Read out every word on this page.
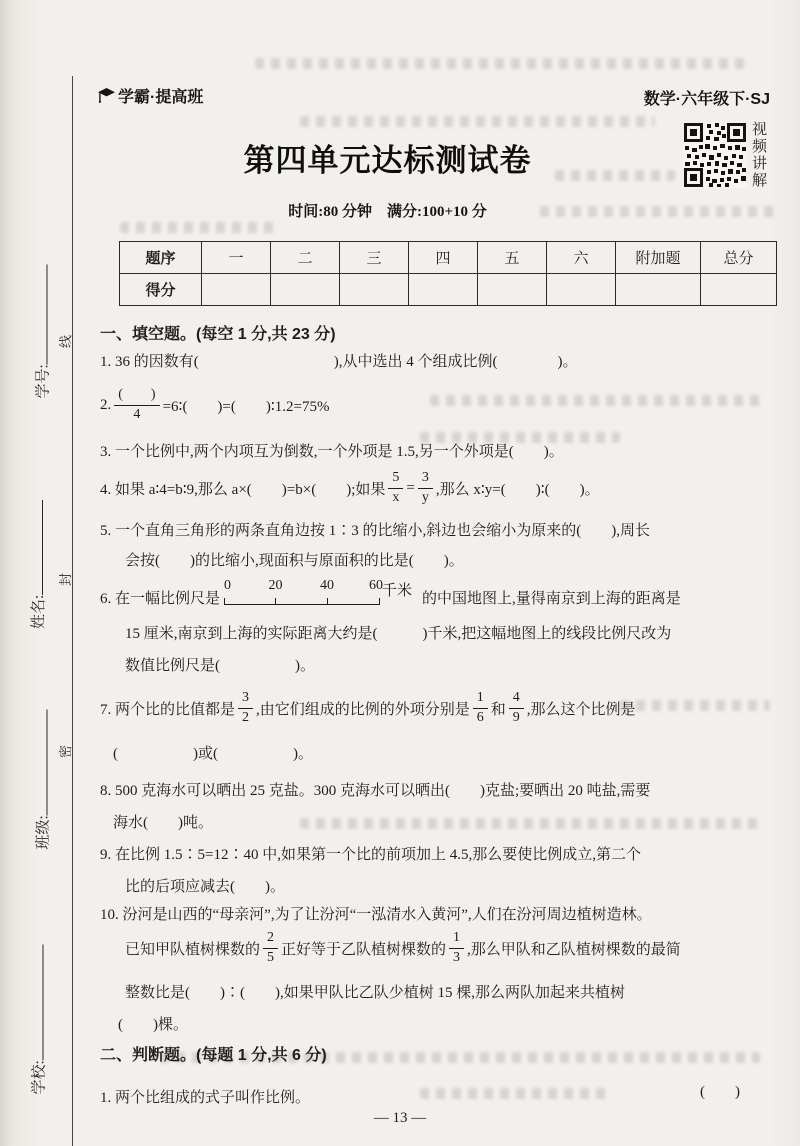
学号:
姓名:
班级:
学校:
线
封
密
学霸·提高班	数学·六年级下·SJ
视
频
讲
解
第四单元达标测试卷
时间:80 分钟　满分:100+10 分
题序	一	二	三	四	五	六	附加题	总分
得分								
一、填空题。(每空 1 分,共 23 分)
1. 36 的因数有(　　　　　　　　　),从中选出 4 个组成比例(　　　　)。
2. $\frac{( )}{4}$ =6∶(　　)=(　　)∶1.2=75%
3. 一个比例中,两个内项互为倒数,一个外项是 1.5,另一个外项是(　　)。
4. 如果 a∶4=b∶9,那么 a×(　　)=b×(　　);如果 $\frac{5}{x} = \frac{3}{y}$ ,那么 x∶y=(　　)∶(　　)。
5. 一个直角三角形的两条直角边按 1∶3 的比缩小,斜边也会缩小为原来的(　　),周长
会按(　　)的比缩小,现面积与原面积的比是(　　)。
6. 在一幅比例尺是

0

	20

	40

	60

千米

的中国地图上,量得南京到上海的距离是
15 厘米,南京到上海的实际距离大约是(　　　)千米,把这幅地图上的线段比例尺改为
数值比例尺是(　　　　　)。
7. 两个比的比值都是 $\frac{3}{2}$ ,由它们组成的比例的外项分别是 $\frac{1}{6}$ 和 $\frac{4}{9}$ ,那么这个比例是
(　　　　　)或(　　　　　)。
8. 500 克海水可以晒出 25 克盐。300 克海水可以晒出(　　)克盐;要晒出 20 吨盐,需要
海水(　　)吨。
9. 在比例 1.5∶5=12∶40 中,如果第一个比的前项加上 4.5,那么要使比例成立,第二个
比的后项应减去(　　)。
10. 汾河是山西的“母亲河”,为了让汾河“一泓清水入黄河”,人们在汾河周边植树造林。
已知甲队植树棵数的 $\frac{2}{5}$ 正好等于乙队植树棵数的 $\frac{1}{3}$ ,那么甲队和乙队植树棵数的最简
整数比是(　　)∶(　　),如果甲队比乙队少植树 15 棵,那么两队加起来共植树
(　　)棵。
二、判断题。(每题 1 分,共 6 分)
1. 两个比组成的式子叫作比例。	(　　)
— 13 —
